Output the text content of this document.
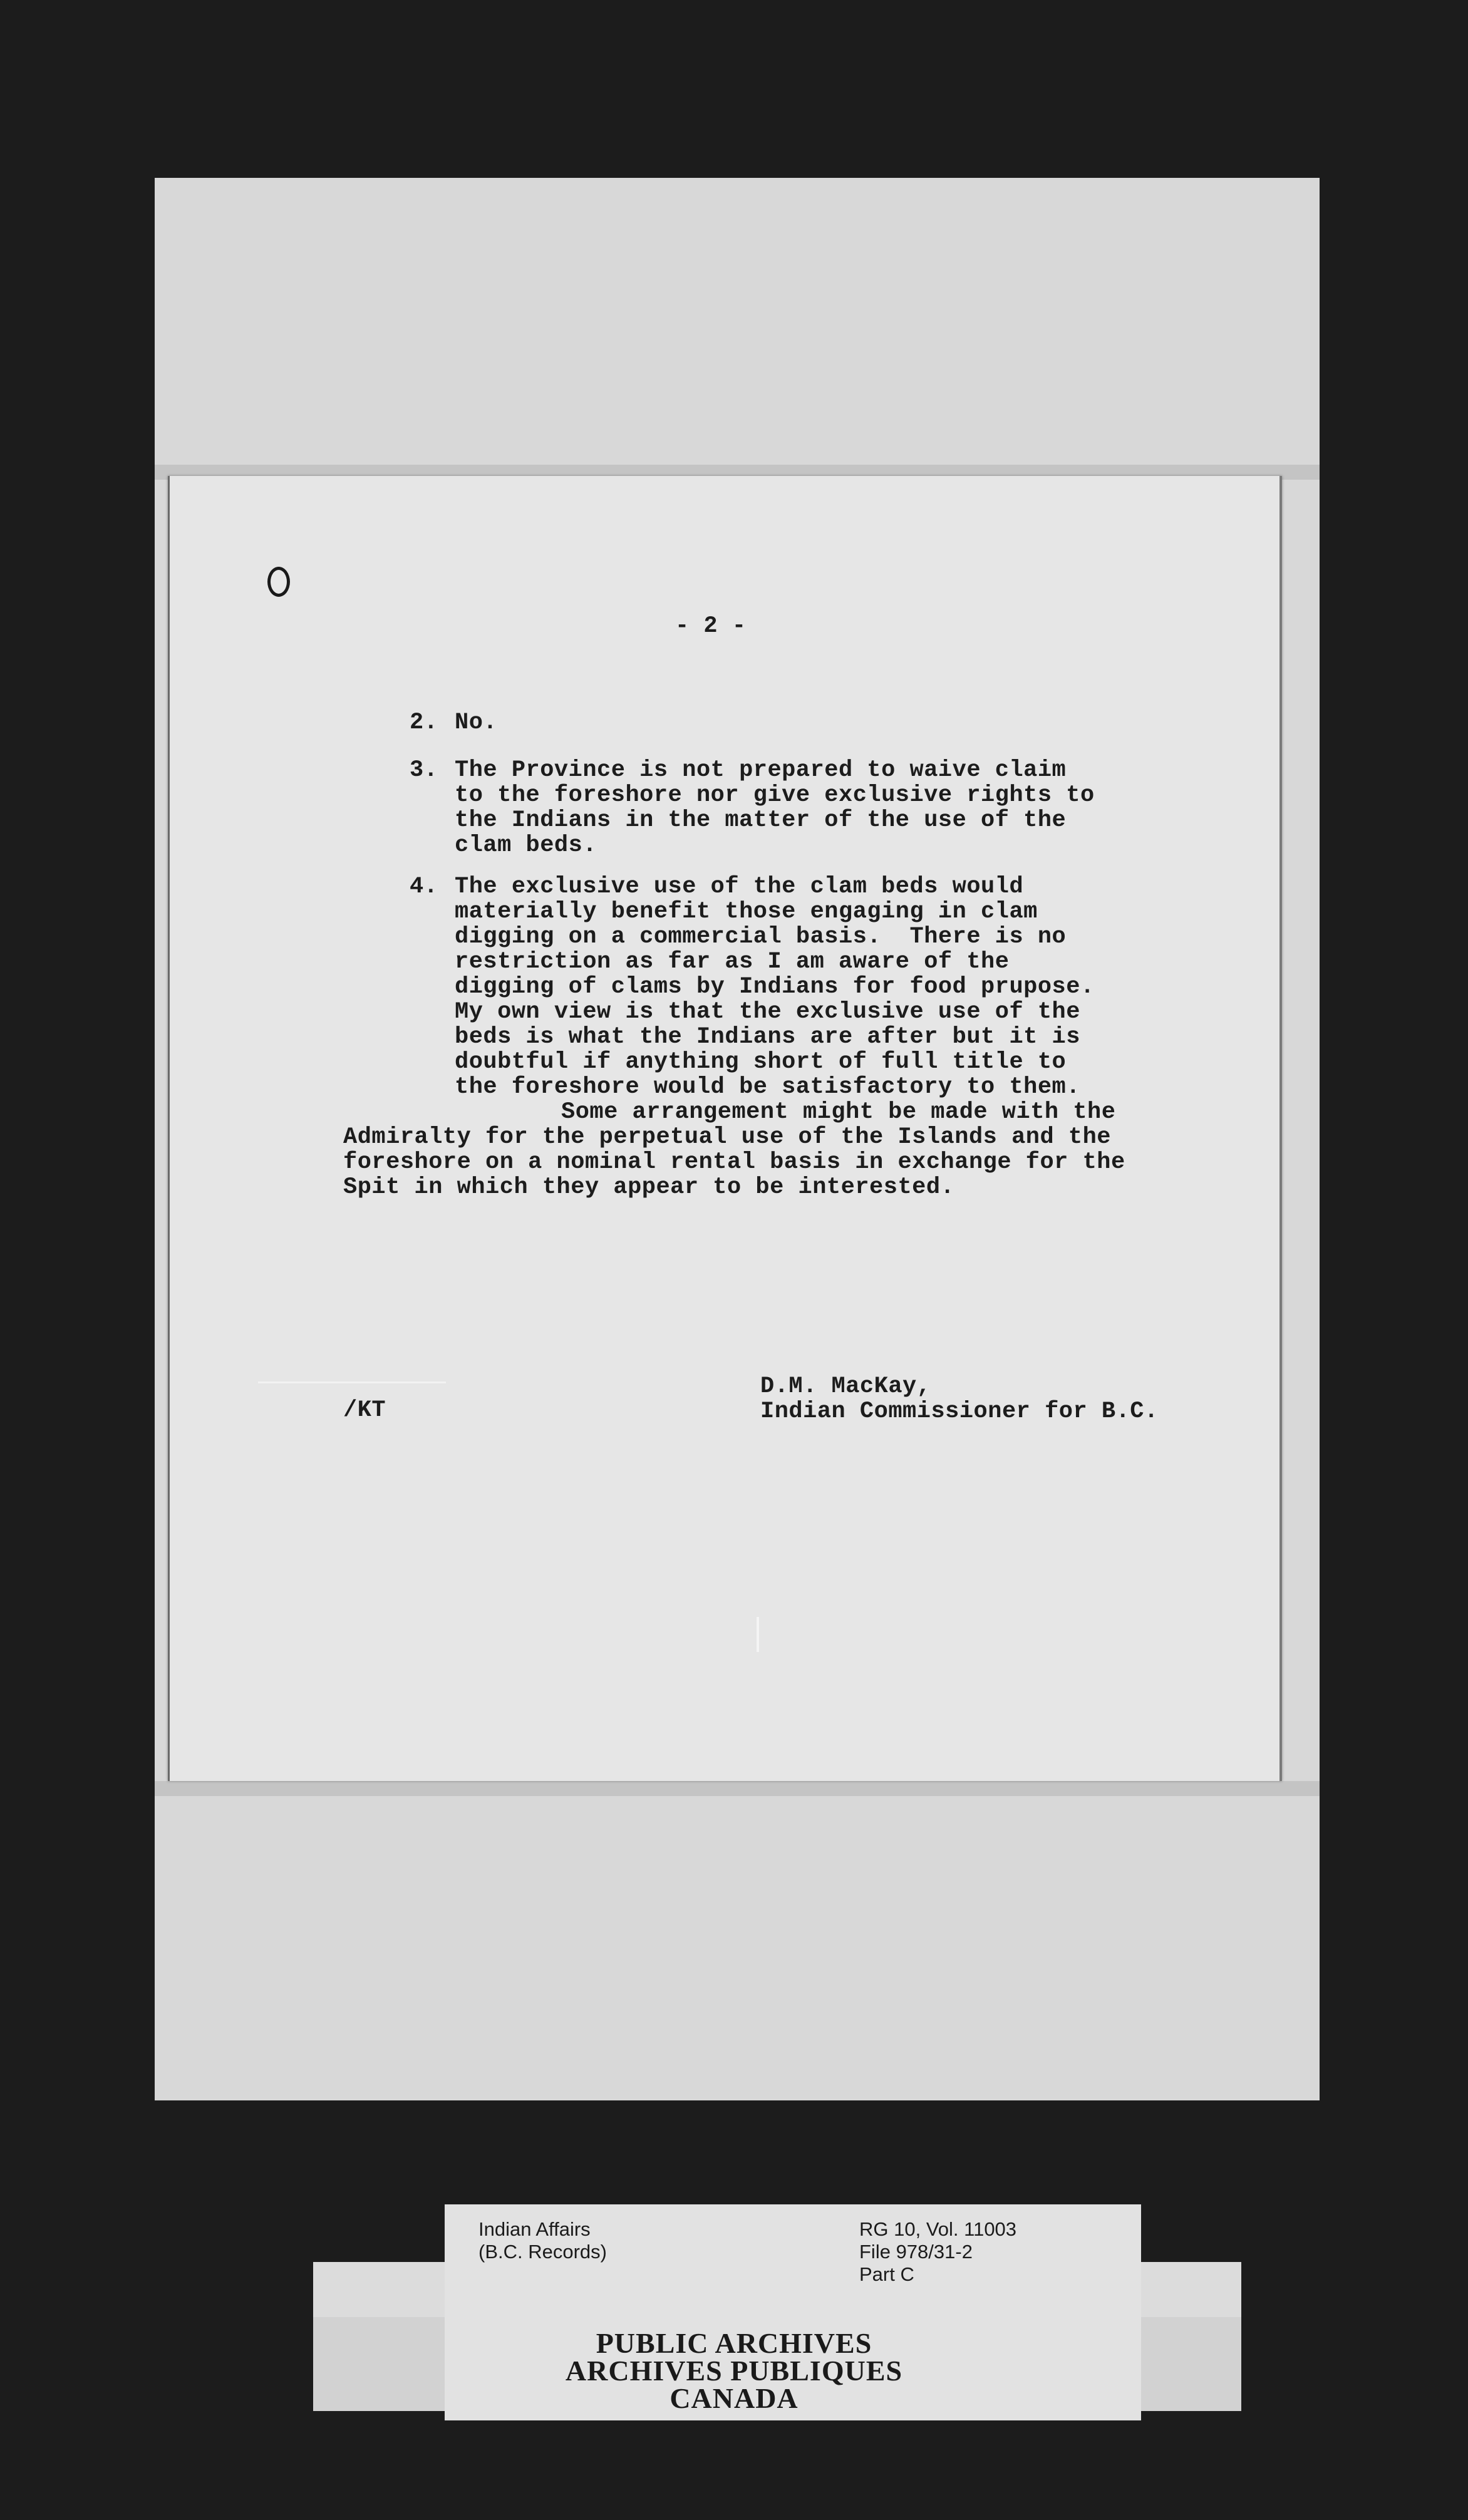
- 2 -
2. No.
3. The Province is not prepared to waive claim
to the foreshore nor give exclusive rights to
the Indians in the matter of the use of the
clam beds.
4. The exclusive use of the clam beds would
materially benefit those engaging in clam
digging on a commercial basis.  There is no
restriction as far as I am aware of the
digging of clams by Indians for food prupose.
My own view is that the exclusive use of the
beds is what the Indians are after but it is
doubtful if anything short of full title to
the foreshore would be satisfactory to them.
Some arrangement might be made with the
Admiralty for the perpetual use of the Islands and the
foreshore on a nominal rental basis in exchange for the
Spit in which they appear to be interested.
D.M. MacKay,
Indian Commissioner for B.C.
/KT
Indian Affairs
(B.C. Records)
RG 10, Vol. 11003
File 978/31-2
Part C
PUBLIC ARCHIVES
ARCHIVES PUBLIQUES
CANADA
